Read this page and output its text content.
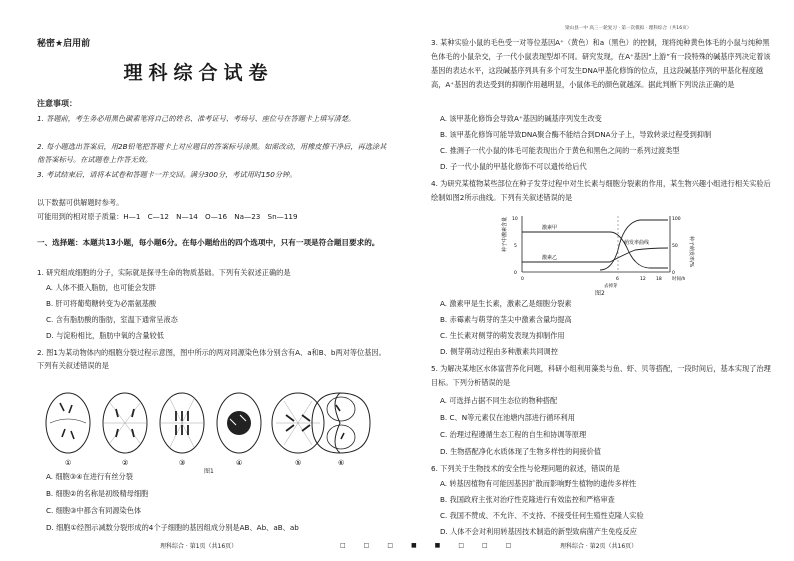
梁山县一中 高三一轮复习 · 第一次模拟 · 理科综合（共16页）
秘密★启用前
理科综合试卷
注意事项：
1. 答题前，考生务必用黑色碳素笔将自己的姓名、准考证号、考场号、座位号在答题卡上填写清楚。
2. 每小题选出答案后，用2B铅笔把答题卡上对应题目的答案标号涂黑。如需改动，用橡皮擦干净后，再选涂其他答案标号。在试题卷上作答无效。
3. 考试结束后，请将本试卷和答题卡一并交回。满分300分，考试用时150分钟。
以下数据可供解题时参考。
可能用到的相对原子质量：H—1　C—12　N—14　O—16　Na—23　Sn—119
一、选择题：本题共13小题，每小题6分。在每小题给出的四个选项中，只有一项是符合题目要求的。
1. 研究组成细胞的分子，实际就是探寻生命的物质基础。下列有关叙述正确的是
A. 人体不摄入脂肪，也可能会发胖
B. 肝可将葡萄糖转变为必需氨基酸
C. 含有脂肪酸的脂肪，室温下通常呈液态
D. 与淀粉相比，脂肪中氧的含量较低
2. 图1为某动物体内的细胞分裂过程示意图，图中所示的两对同源染色体分别含有A、a和B、b两对等位基因。下列有关叙述错误的是
①	②	③	④	⑤	⑥
图1
A. 细胞③④在进行有丝分裂
B. 细胞②的名称是初级精母细胞
C. 细胞③中都含有同源染色体
D. 细胞①经图示减数分裂形成的4个子细胞的基因组成分别是AB、Ab、aB、ab
理科综合 · 第1页（共16页）	□　□　□　■　■　□　□　□
3. 某种实验小鼠的毛色受一对等位基因A⁺（黄色）和a（黑色）的控制，现将纯种黄色体毛的小鼠与纯种黑色体毛的小鼠杂交，子一代小鼠表现型却不同。研究发现，在A⁺基因“上游”有一段特殊的碱基序列决定着该基因的表达水平，这段碱基序列具有多个可发生DNA甲基化修饰的位点，且这段碱基序列的甲基化程度越高，A⁺基因的表达受到的抑制作用越明显，小鼠体毛的颜色就越深。据此判断下列说法正确的是
A. 该甲基化修饰会导致A⁺基因的碱基序列发生改变
B. 该甲基化修饰可能导致DNA聚合酶不能结合到DNA分子上，导致转录过程受到抑制
C. 推测子一代小鼠的体毛可能表现出介于黄色和黑色之间的一系列过渡类型
D. 子一代小鼠的甲基化修饰不可以遗传给后代
4. 为研究某植物某些部位在种子发芽过程中对生长素与细胞分裂素的作用，某生物兴趣小组进行相关实验后绘制如图2所示曲线。下列有关叙述错误的是
种子中激素含量	种子萌发率/%
0
5
10
0
50
100
激素甲
激素乙
萌发率曲线
0	6	12 18 时间/h
去掉芽
图2
A. 激素甲是生长素，激素乙是细胞分裂素
B. 赤霉素与萌芽的茎尖中激素含量均提高
C. 生长素对侧芽的萌发表现为抑制作用
D. 侧芽萌动过程由多种激素共同调控
5. 为解决某地区水体富营养化问题，科研小组利用藻类与鱼、虾、贝等搭配，一段时间后，基本实现了治理目标。下列分析错误的是
A. 可选择占据不同生态位的物种搭配
B. C、N等元素仅在池塘内部进行循环利用
C. 治理过程遵循生态工程的自生和协调等原理
D. 生物搭配净化水质体现了生物多样性的间接价值
6. 下列关于生物技术的安全性与伦理问题的叙述，错误的是
A. 转基因植物有可能因基因扩散而影响野生植物的遗传多样性
B. 我国政府主张对治疗性克隆进行有效监控和严格审查
C. 我国不赞成、不允许、不支持、不接受任何生殖性克隆人实验
D. 人体不会对利用转基因技术制造的新型致病菌产生免疫反应
理科综合 · 第2页（共16页）
